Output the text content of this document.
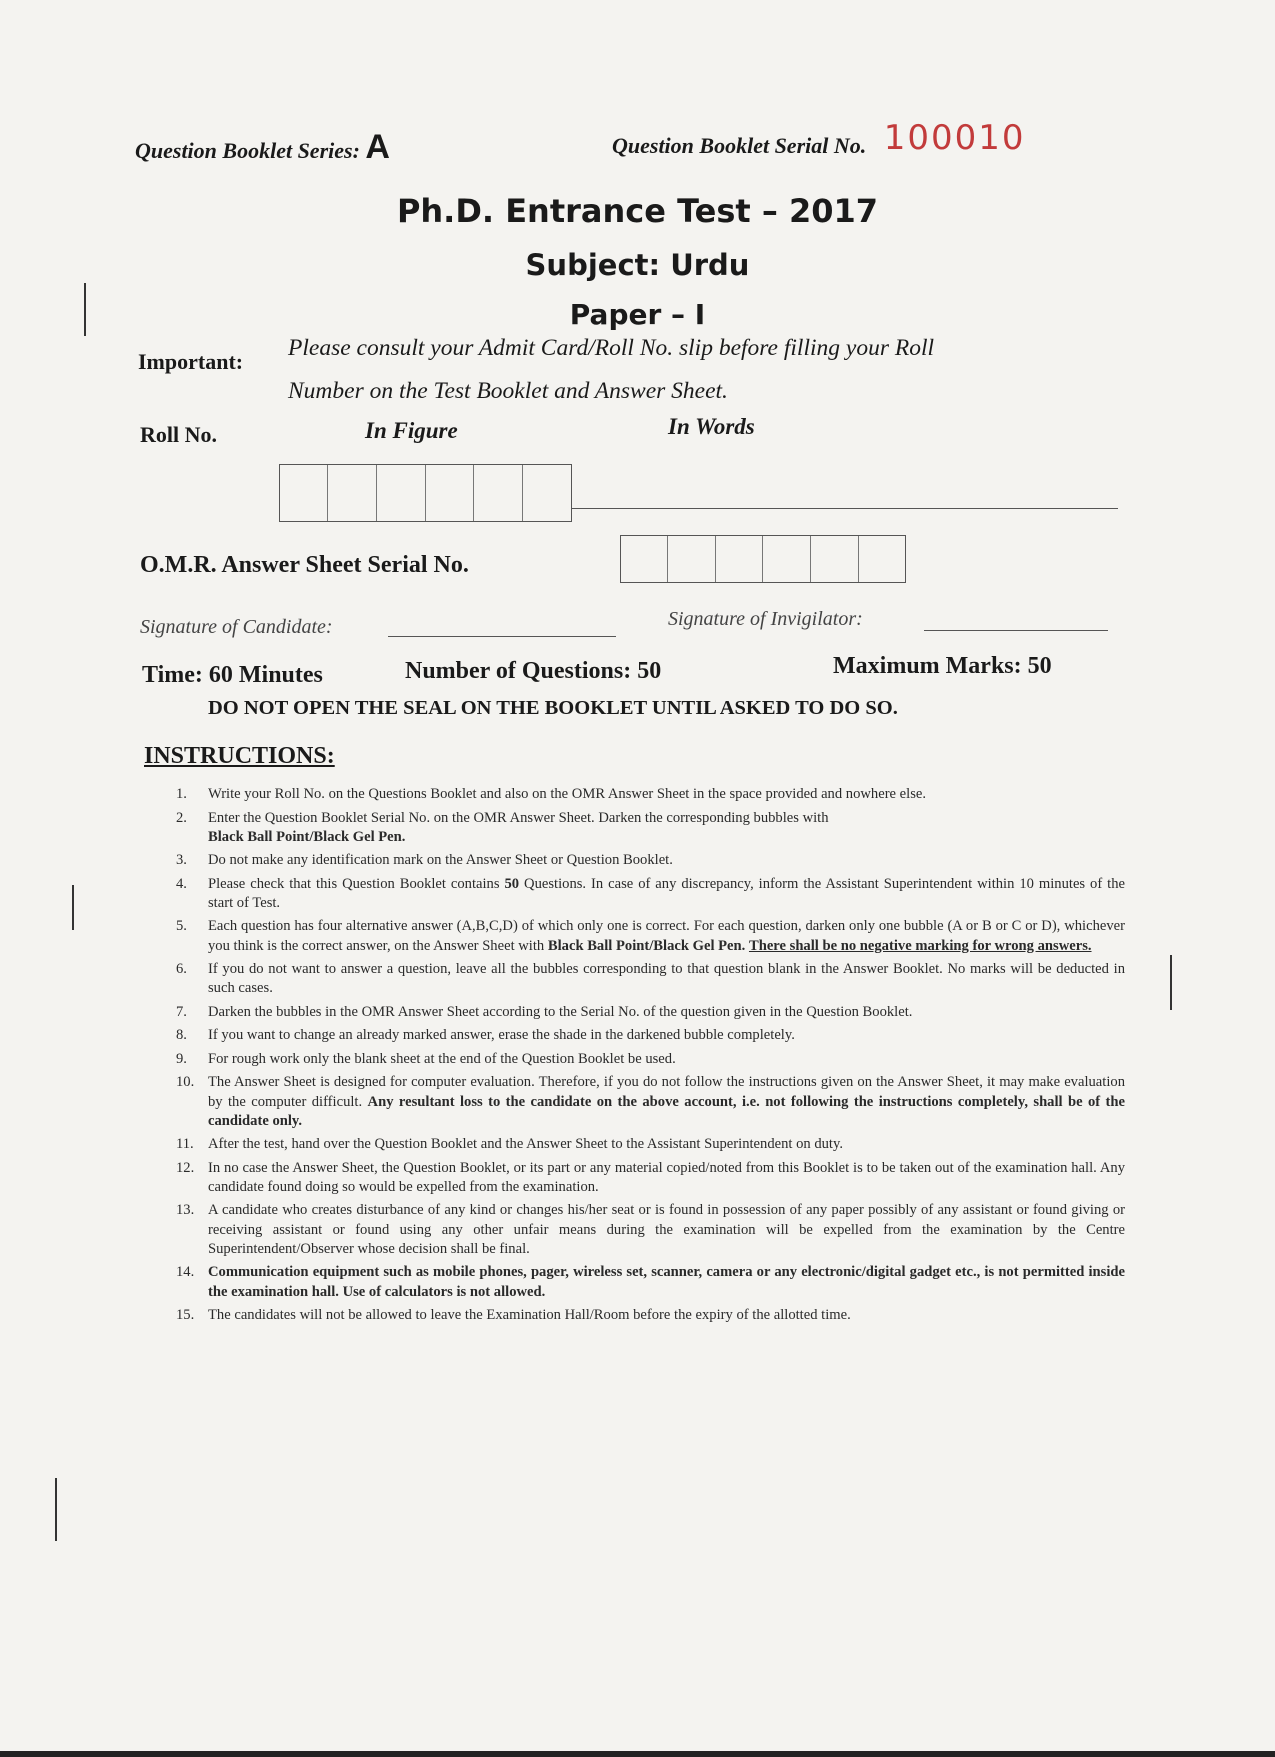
Question Booklet Series: A	Question Booklet Serial No. 100010
Ph.D. Entrance Test – 2017
Subject: Urdu
Paper – I
Important:
Please consult your Admit Card/Roll No. slip before filling your Roll
Number on the Test Booklet and Answer Sheet.
Roll No.	In Figure	In Words
O.M.R. Answer Sheet Serial No.
Signature of Candidate:	Signature of Invigilator:
Time: 60 Minutes	Number of Questions: 50	Maximum Marks: 50
DO NOT OPEN THE SEAL ON THE BOOKLET UNTIL ASKED TO DO SO.
INSTRUCTIONS:
1.	Write your Roll No. on the Questions Booklet and also on the OMR Answer Sheet in the space provided and nowhere else.
2.	Enter the Question Booklet Serial No. on the OMR Answer Sheet. Darken the corresponding bubbles with
Black Ball Point/Black Gel Pen.
3.	Do not make any identification mark on the Answer Sheet or Question Booklet.
4.	Please check that this Question Booklet contains 50 Questions. In case of any discrepancy, inform the Assistant Superintendent within 10 minutes of the start of Test.
5.	Each question has four alternative answer (A,B,C,D) of which only one is correct. For each question, darken only one bubble (A or B or C or D), whichever you think is the correct answer, on the Answer Sheet with Black Ball Point/Black Gel Pen. There shall be no negative marking for wrong answers.
6.	If you do not want to answer a question, leave all the bubbles corresponding to that question blank in the Answer Booklet. No marks will be deducted in such cases.
7.	Darken the bubbles in the OMR Answer Sheet according to the Serial No. of the question given in the Question Booklet.
8.	If you want to change an already marked answer, erase the shade in the darkened bubble completely.
9.	For rough work only the blank sheet at the end of the Question Booklet be used.
10. The Answer Sheet is designed for computer evaluation. Therefore, if you do not follow the instructions given on the Answer Sheet, it may make evaluation by the computer difficult. Any resultant loss to the candidate on the above account, i.e. not following the instructions completely, shall be of the candidate only.
11. After the test, hand over the Question Booklet and the Answer Sheet to the Assistant Superintendent on duty.
12. In no case the Answer Sheet, the Question Booklet, or its part or any material copied/noted from this Booklet is to be taken out of the examination hall. Any candidate found doing so would be expelled from the examination.
13. A candidate who creates disturbance of any kind or changes his/her seat or is found in possession of any paper possibly of any assistant or found giving or receiving assistant or found using any other unfair means during the examination will be expelled from the examination by the Centre Superintendent/Observer whose decision shall be final.
14. Communication equipment such as mobile phones, pager, wireless set, scanner, camera or any electronic/digital gadget etc., is not permitted inside the examination hall. Use of calculators is not allowed.
15. The candidates will not be allowed to leave the Examination Hall/Room before the expiry of the allotted time.
